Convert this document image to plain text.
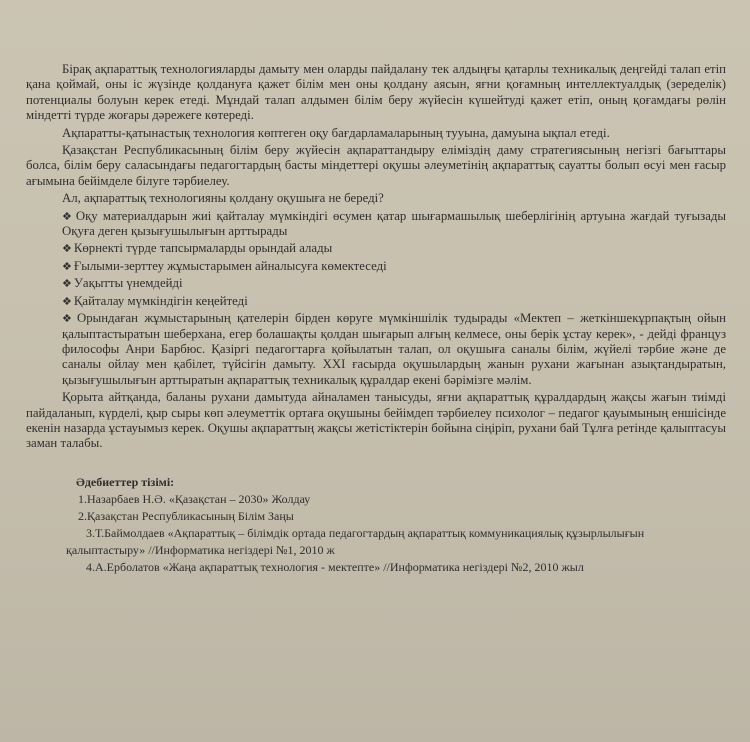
Бірақ ақпараттық технологияларды дамыту мен оларды пайдалану тек алдыңғы қатарлы техникалық деңгейді талап етіп қана қоймай, оны іс жүзінде қолдануға қажет білім мен оны қолдану аясын, яғни қоғамның интеллектуалдық (зеределік) потенциалы болуын керек етеді. Мұндай талап алдымен білім беру жүйесін күшейтуді қажет етіп, оның қоғамдағы рөлін міндетті түрде жоғары дәрежеге көтереді.

Ақпаратты-қатынастық технология көптеген оқу бағдарламаларының тууына, дамуына ықпал етеді.

Қазақстан Республикасының білім беру жүйесін ақпараттандыру еліміздің даму стратегиясының негізгі бағыттары болса, білім беру саласындағы педагогтардың басты міндеттері оқушы әлеуметінің ақпараттық сауатты болып өсуі мен ғасыр ағымына бейімделе білуге тәрбиелеу.

Ал, ақпараттық технологияны қолдану оқушыға не береді?

❖ Оқу материалдарын жиі қайталау мүмкіндігі өсумен қатар шығармашылық шеберлігінің артуына жағдай туғызады Оқуға деген қызығушылығын арттырады

❖ Көрнекті түрде тапсырмаларды орындай алады

❖ Ғылыми-зерттеу жұмыстарымен айналысуға көмектеседі

❖ Уақытты үнемдейді

❖ Қайталау мүмкіндігін кеңейтеді

❖ Орындаған жұмыстарының қателерін бірден көруге мүмкіншілік тудырады «Мектеп – жеткіншекұрпақтың ойын қалыптастыратын шеберхана, егер болашақты қолдан шығарып алғың келмесе, оны берік ұстау керек», - дейді француз философы Анри Барбюс. Қазіргі педагогтарға қойылатын талап, ол оқушыға саналы білім, жүйелі тәрбие және де саналы ойлау мен қабілет, түйсігін дамыту. XXI ғасырда оқушылардың жанын рухани жағынан азықтандыратын, қызығушылығын арттыратын ақпараттық техникалық құралдар екені бәрімізге мәлім.

Қорыта айтқанда, баланы рухани дамытуда айналамен танысуды, яғни ақпараттық құралдардың жақсы жағын тиімді пайдаланып, күрделі, қыр сыры көп әлеуметтік ортаға оқушыны бейімдеп тәрбиелеу психолог – педагог қауымының еншісінде екенін назарда ұстауымыз керек. Оқушы ақпараттың жақсы жетістіктерін бойына сіңіріп, рухани бай Тұлға ретінде қалыптасуы заман талабы.

Әдебиеттер тізімі:
1.Назарбаев Н.Ә. «Қазақстан – 2030» Жолдау
2.Қазақстан Республикасының Білім Заңы
3.Т.Баймолдаев «Ақпараттық – білімдік ортада педагогтардың ақпараттық коммуникациялық құзырлылығын қалыптастыру» //Информатика негіздері №1, 2010 ж
4.А.Ерболатов «Жаңа ақпараттық технология - мектепте» //Информатика негіздері №2, 2010 жыл
